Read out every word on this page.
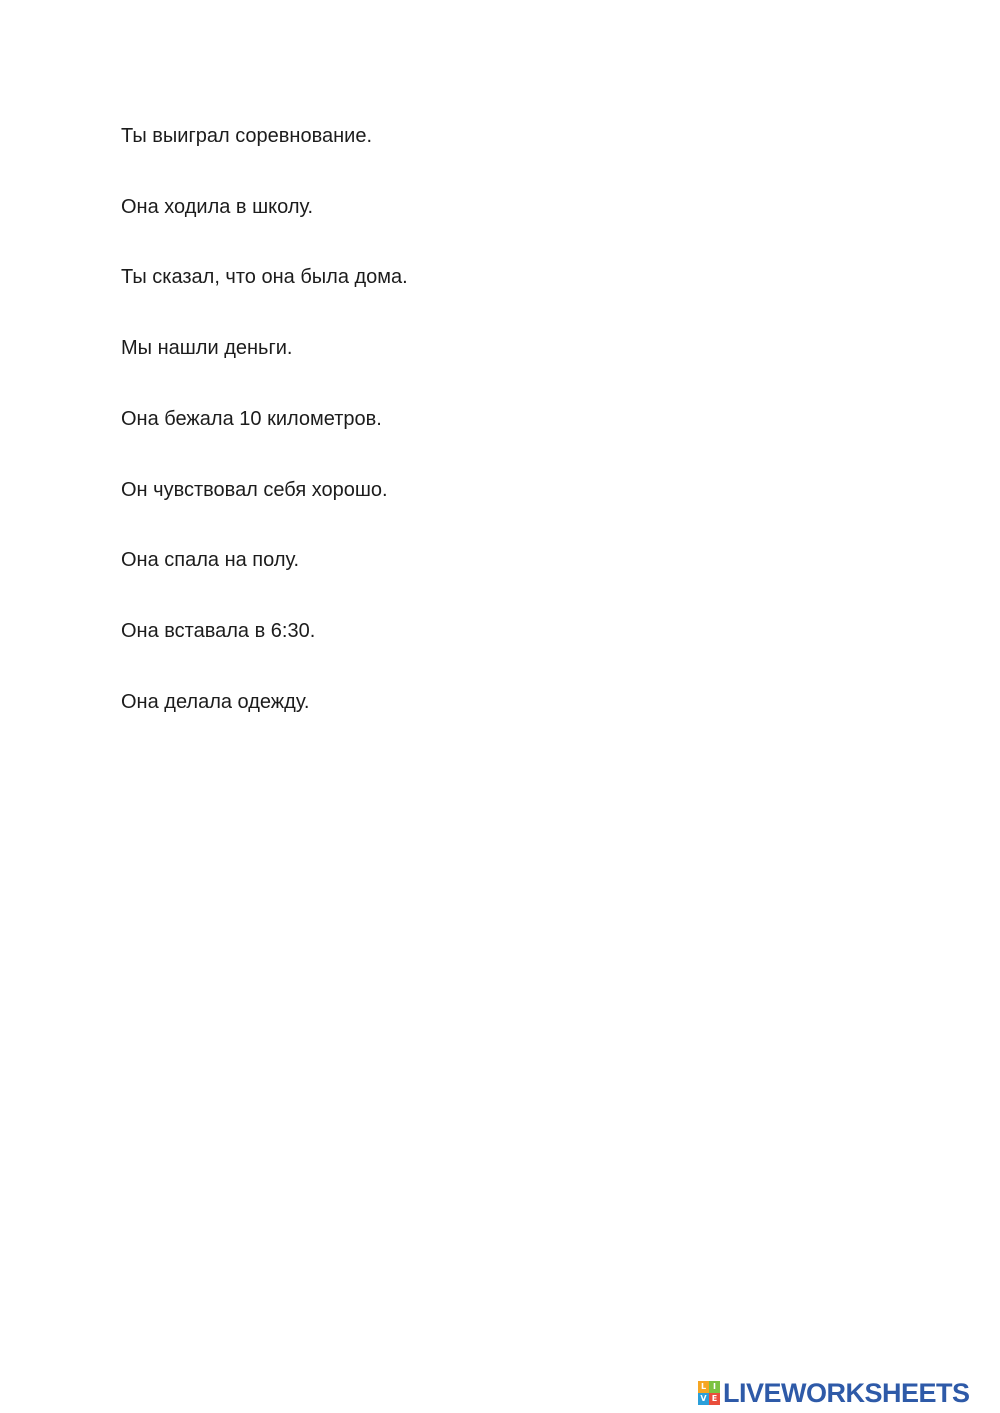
Ты выиграл соревнование.
Она ходила в школу.
Ты сказал, что она была дома.
Мы нашли деньги.
Она бежала 10 километров.
Он чувствовал себя хорошо.
Она спала на полу.
Она вставала в 6:30.
Она делала одежду.
L I
V E LIVEWORKSHEETS
